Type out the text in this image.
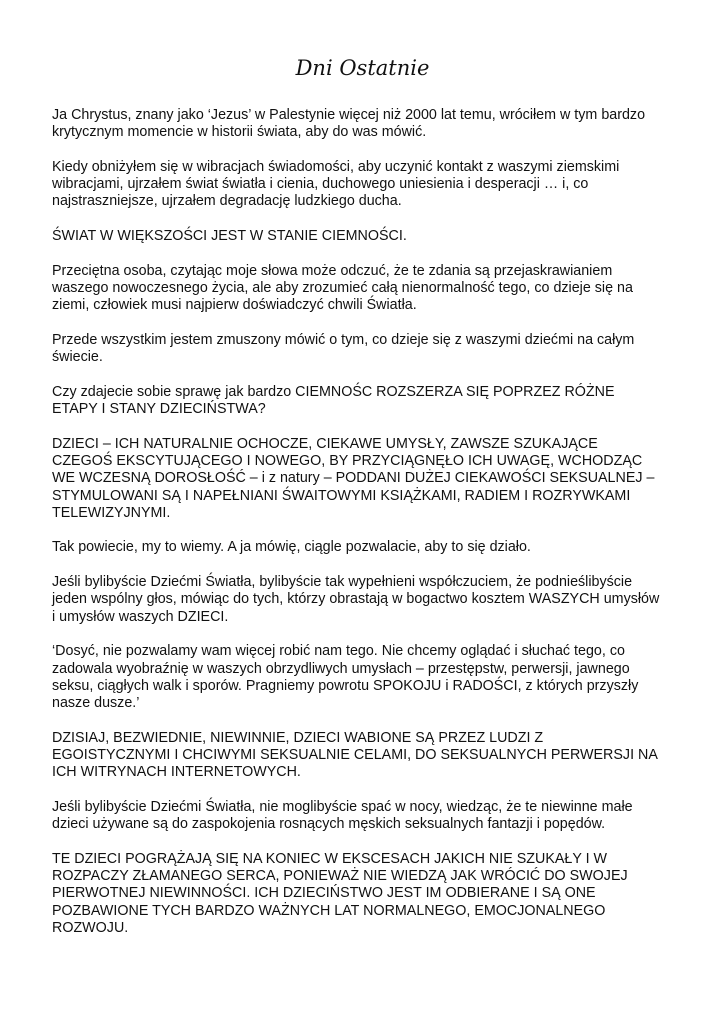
Dni Ostatnie

Ja Chrystus, znany jako ‘Jezus’ w Palestynie więcej niż 2000 lat temu, wróciłem w tym bardzo
krytycznym momencie w historii świata, aby do was mówić.

Kiedy obniżyłem się w wibracjach świadomości, aby uczynić kontakt z waszymi ziemskimi
wibracjami, ujrzałem świat światła i cienia, duchowego uniesienia i desperacji … i, co
najstraszniejsze, ujrzałem degradację ludzkiego ducha.

ŚWIAT W WIĘKSZOŚCI JEST W STANIE CIEMNOŚCI.

Przeciętna osoba, czytając moje słowa może odczuć, że te zdania są przejaskrawianiem
waszego nowoczesnego życia, ale aby zrozumieć całą nienormalność tego, co dzieje się na
ziemi, człowiek musi najpierw doświadczyć chwili Światła.

Przede wszystkim jestem zmuszony mówić o tym, co dzieje się z waszymi dziećmi na całym
świecie.

Czy zdajecie sobie sprawę jak bardzo CIEMNOŚC ROZSZERZA SIĘ POPRZEZ RÓŻNE
ETAPY I STANY DZIECIŃSTWA?

DZIECI – ICH NATURALNIE OCHOCZE, CIEKAWE UMYSŁY, ZAWSZE SZUKAJĄCE
CZEGOŚ EKSCYTUJĄCEGO I NOWEGO, BY PRZYCIĄGNĘŁO ICH UWAGĘ, WCHODZĄC
WE WCZESNĄ DOROSŁOŚĆ – i z natury – PODDANI DUŻEJ CIEKAWOŚCI SEKSUALNEJ –
STYMULOWANI SĄ I NAPEŁNIANI ŚWAITOWYMI KSIĄŻKAMI, RADIEM I ROZRYWKAMI
TELEWIZYJNYMI.

Tak powiecie, my to wiemy. A ja mówię, ciągle pozwalacie, aby to się działo.

Jeśli bylibyście Dziećmi Światła, bylibyście tak wypełnieni współczuciem, że podnieślibyście
jeden wspólny głos, mówiąc do tych, którzy obrastają w bogactwo kosztem WASZYCH umysłów
i umysłów waszych DZIECI.

‘Dosyć, nie pozwalamy wam więcej robić nam tego. Nie chcemy oglądać i słuchać tego, co
zadowala wyobraźnię w waszych obrzydliwych umysłach – przestępstw, perwersji, jawnego
seksu, ciągłych walk i sporów. Pragniemy powrotu SPOKOJU i RADOŚCI, z których przyszły
nasze dusze.’

DZISIAJ, BEZWIEDNIE, NIEWINNIE, DZIECI WABIONE SĄ PRZEZ LUDZI Z
EGOISTYCZNYMI I CHCIWYMI SEKSUALNIE CELAMI, DO SEKSUALNYCH PERWERSJI NA
ICH WITRYNACH INTERNETOWYCH.

Jeśli bylibyście Dziećmi Światła, nie moglibyście spać w nocy, wiedząc, że te niewinne małe
dzieci używane są do zaspokojenia rosnących męskich seksualnych fantazji i popędów.

TE DZIECI POGRĄŻAJĄ SIĘ NA KONIEC W EKSCESACH JAKICH NIE SZUKAŁY I W
ROZPACZY ZŁAMANEGO SERCA, PONIEWAŻ NIE WIEDZĄ JAK WRÓCIĆ DO SWOJEJ
PIERWOTNEJ NIEWINNOŚCI. ICH DZIECIŃSTWO JEST IM ODBIERANE I SĄ ONE
POZBAWIONE TYCH BARDZO WAŻNYCH LAT NORMALNEGO, EMOCJONALNEGO
ROZWOJU.
